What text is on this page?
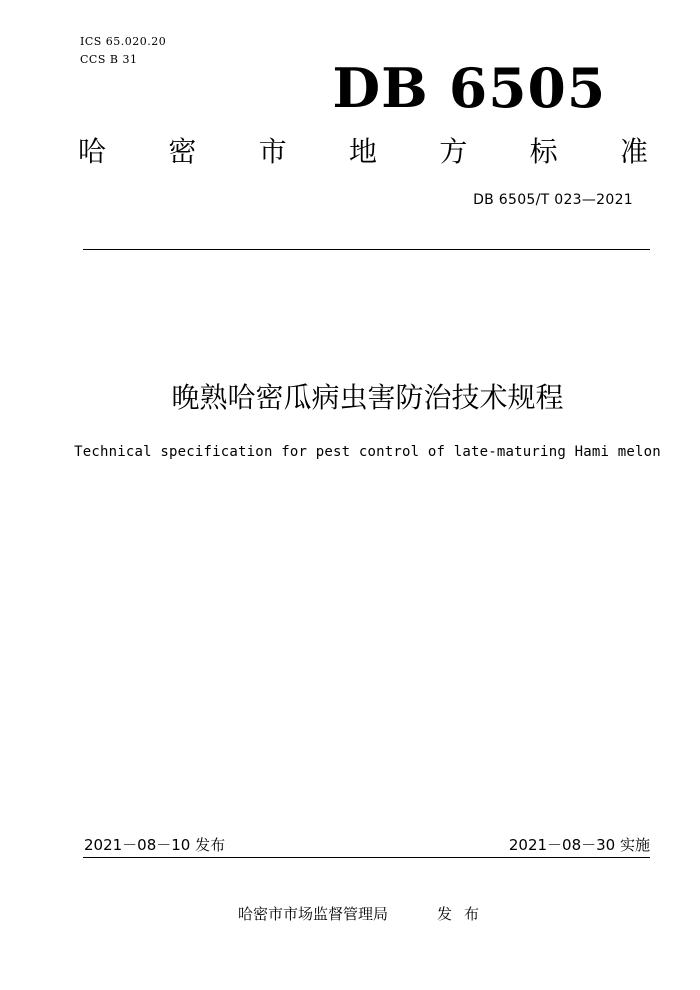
ICS 65.020.20
CCS B 31	DB 6505
哈 密 市 地 方 标 准
DB 6505/T 023—2021
晚熟哈密瓜病虫害防治技术规程
Technical specification for pest control of late-maturing Hami melon
2021－08－10 发布	2021－08－30 实施
哈密市市场监督管理局	发布
